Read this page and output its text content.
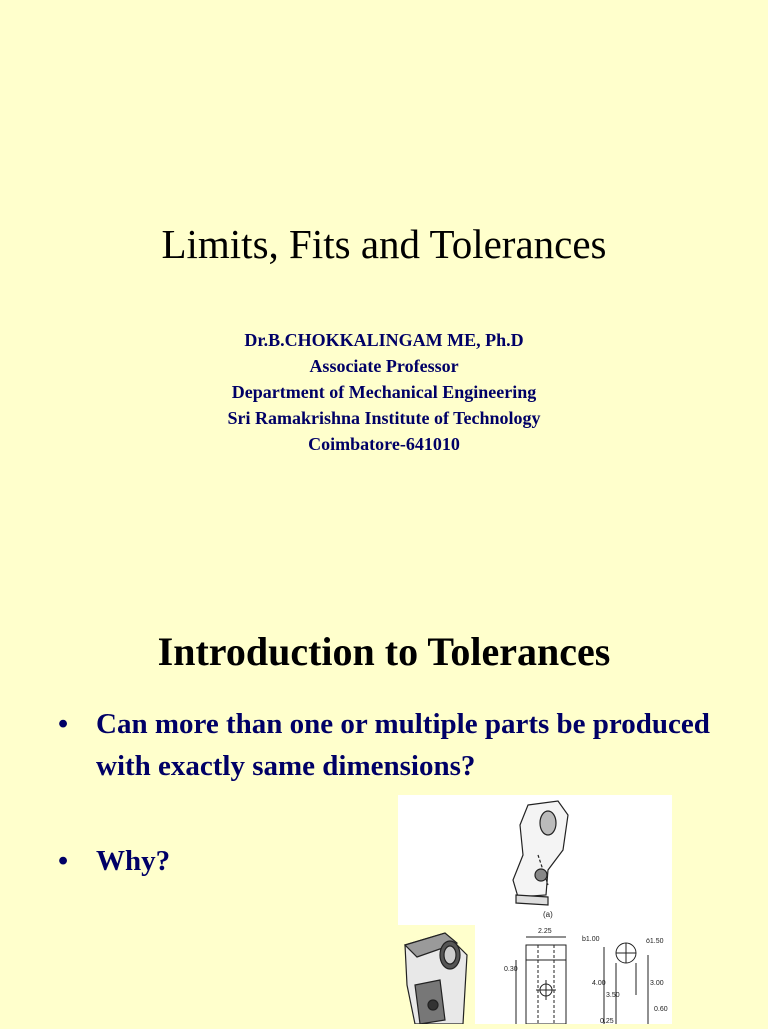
Limits, Fits and Tolerances
Dr.B.CHOKKALINGAM ME, Ph.D
Associate Professor
Department of Mechanical Engineering
Sri Ramakrishna Institute of Technology
Coimbatore-641010
Introduction to Tolerances
• Can more than one or multiple parts be produced with exactly same dimensions?
• Why?
(a)
2.25
b1.00	ö1.50
0.30
4.00
3.50
3.00
0.60
0.25
